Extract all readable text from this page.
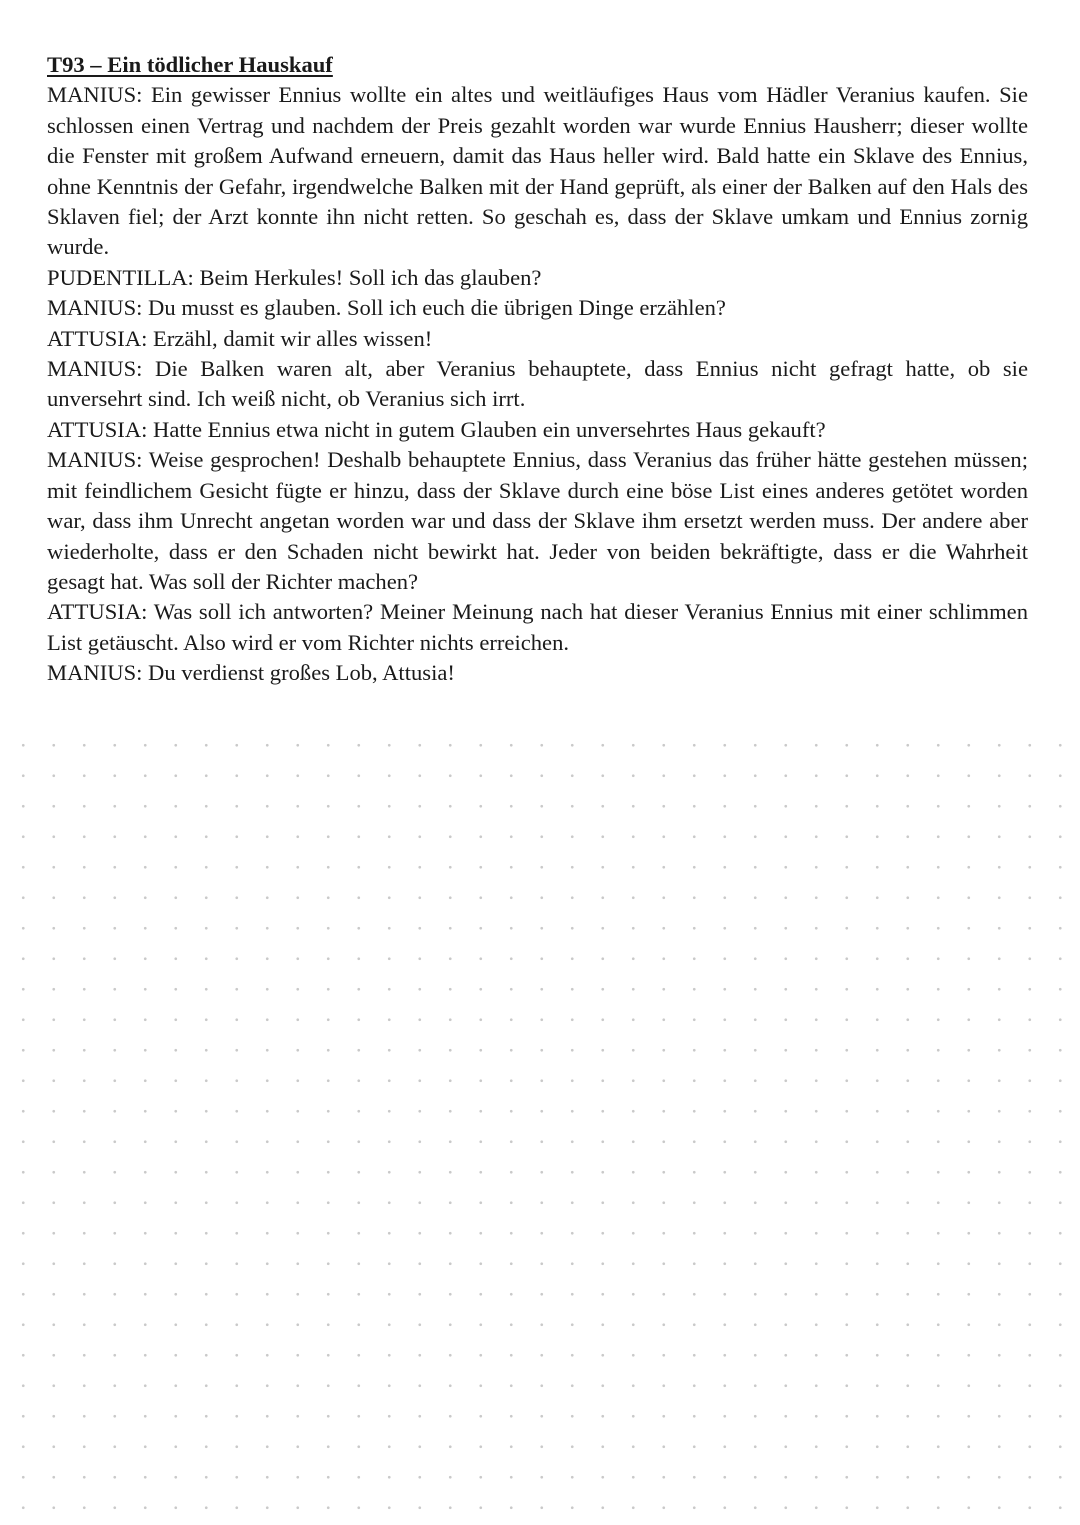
T93 – Ein tödlicher Hauskauf

MANIUS: Ein gewisser Ennius wollte ein altes und weitläufiges Haus vom Hädler Veranius kaufen. Sie schlossen einen Vertrag und nachdem der Preis gezahlt worden war wurde Ennius Hausherr; dieser wollte die Fenster mit großem Aufwand erneuern, damit das Haus heller wird. Bald hatte ein Sklave des Ennius, ohne Kenntnis der Gefahr, irgendwelche Balken mit der Hand geprüft, als einer der Balken auf den Hals des Sklaven fiel; der Arzt konnte ihn nicht retten. So geschah es, dass der Sklave umkam und Ennius zornig wurde.

PUDENTILLA: Beim Herkules! Soll ich das glauben?

MANIUS: Du musst es glauben. Soll ich euch die übrigen Dinge erzählen?

ATTUSIA: Erzähl, damit wir alles wissen!

MANIUS: Die Balken waren alt, aber Veranius behauptete, dass Ennius nicht gefragt hatte, ob sie unversehrt sind. Ich weiß nicht, ob Veranius sich irrt.

ATTUSIA: Hatte Ennius etwa nicht in gutem Glauben ein unversehrtes Haus gekauft?

MANIUS: Weise gesprochen! Deshalb behauptete Ennius, dass Veranius das früher hätte gestehen müssen; mit feindlichem Gesicht fügte er hinzu, dass der Sklave durch eine böse List eines anderes getötet worden war, dass ihm Unrecht angetan worden war und dass der Sklave ihm ersetzt werden muss. Der andere aber wiederholte, dass er den Schaden nicht bewirkt hat. Jeder von beiden bekräftigte, dass er die Wahrheit gesagt hat. Was soll der Richter machen?

ATTUSIA: Was soll ich antworten? Meiner Meinung nach hat dieser Veranius Ennius mit einer schlimmen List getäuscht. Also wird er vom Richter nichts erreichen.

MANIUS: Du verdienst großes Lob, Attusia!
